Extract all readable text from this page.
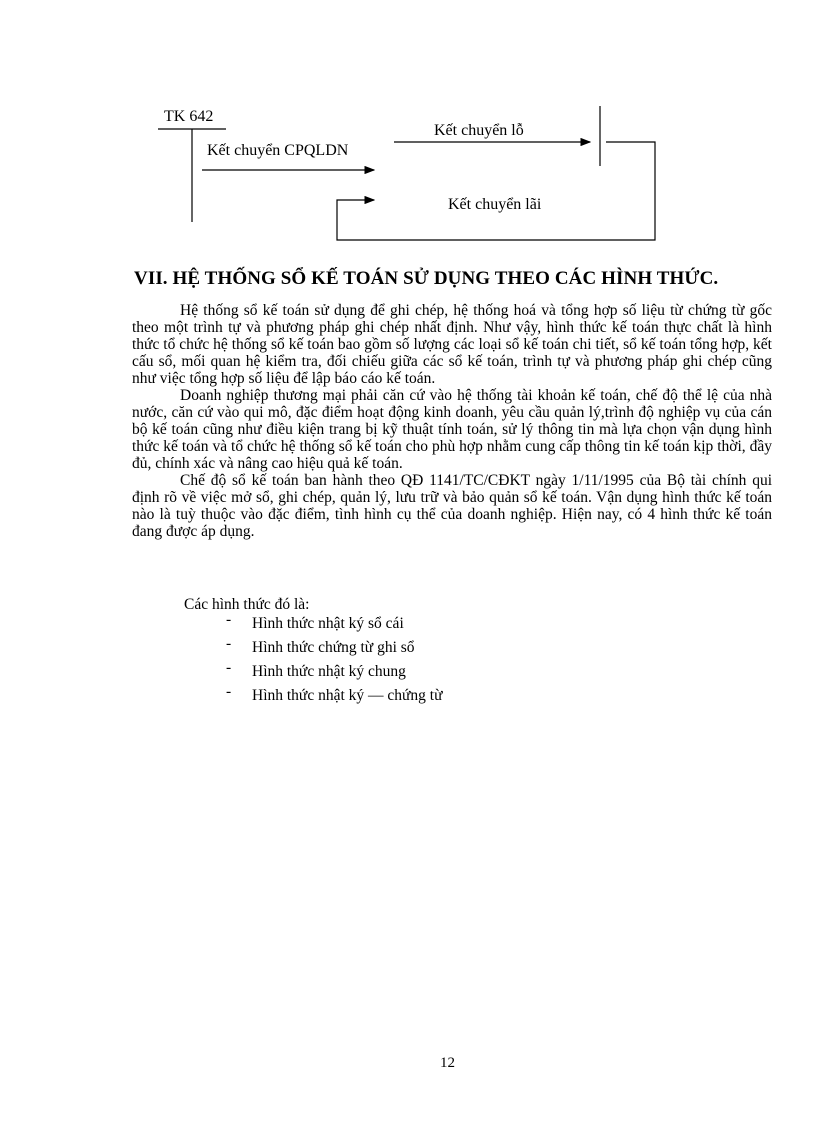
TK 642
Kết chuyển CPQLDN
Kết chuyển lỗ
Kết chuyển lãi
VII. HỆ THỐNG SỔ KẾ TOÁN SỬ DỤNG THEO CÁC HÌNH THỨC.

Hệ thống sổ kế toán sử dụng để ghi chép, hệ thống hoá và tổng hợp số liệu từ chứng từ gốc theo một trình tự và phương pháp ghi chép nhất định. Như vậy, hình thức kế toán thực chất là hình thức tổ chức hệ thống sổ kế toán bao gồm số lượng các loại sổ kế toán chi tiết, sổ kế toán tổng hợp, kết cấu sổ, mối quan hệ kiểm tra, đối chiếu giữa các sổ kế toán, trình tự và phương pháp ghi chép cũng như việc tổng hợp số liệu để lập báo cáo kế toán.

Doanh nghiệp thương mại phải căn cứ vào hệ thống tài khoản kế toán, chế độ thể lệ của nhà nước, căn cứ vào qui mô, đặc điểm hoạt động kinh doanh, yêu cầu quản lý,trình độ nghiệp vụ của cán bộ kế toán cũng như điều kiện trang bị kỹ thuật tính toán, sử lý thông tin mà lựa chọn vận dụng hình thức kế toán và tổ chức hệ thống sổ kế toán cho phù hợp nhằm cung cấp thông tin kế toán kịp thời, đầy đủ, chính xác và nâng cao hiệu quả kế toán.

Chế độ sổ kế toán ban hành theo QĐ 1141/TC/CĐKT ngày 1/11/1995 của Bộ tài chính qui định rõ về việc mở sổ, ghi chép, quản lý, lưu trữ và bảo quản sổ kế toán. Vận dụng hình thức kế toán nào là tuỳ thuộc vào đặc điểm, tình hình cụ thể của doanh nghiệp. Hiện nay, có 4 hình thức kế toán đang được áp dụng.

Các hình thức đó là:
- Hình thức nhật ký sổ cái
- Hình thức chứng từ ghi sổ
- Hình thức nhật ký chung
- Hình thức nhật ký — chứng từ
12
